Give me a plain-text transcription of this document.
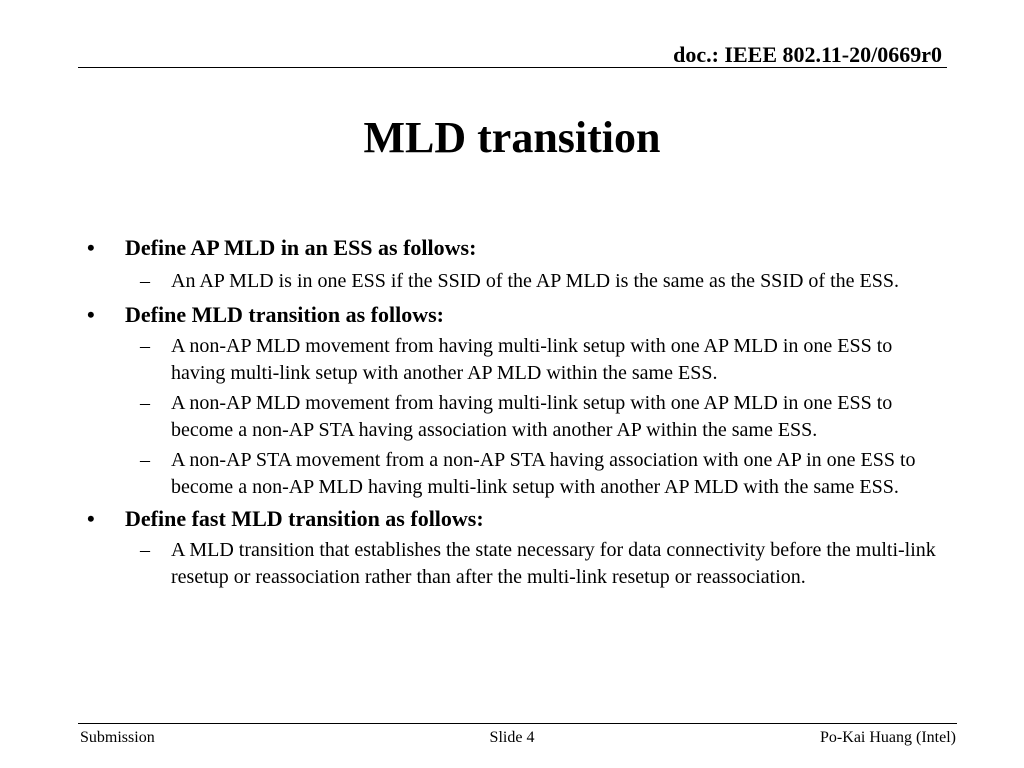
doc.: IEEE 802.11-20/0669r0
MLD transition
• Define AP MLD in an ESS as follows:
– An AP MLD is in one ESS if the SSID of the AP MLD is the same as the SSID of the ESS.
• Define MLD transition as follows:
– A non-AP MLD movement from having multi-link setup with one AP MLD in one ESS to having multi-link setup with another AP MLD within the same ESS.
– A non-AP MLD movement from having multi-link setup with one AP MLD in one ESS to become a non-AP STA having association with another AP within the same ESS.
– A non-AP STA movement from a non-AP STA having association with one AP in one ESS to become a non-AP MLD having multi-link setup with another AP MLD with the same ESS.
• Define fast MLD transition as follows:
– A MLD transition that establishes the state necessary for data connectivity before the multi-link resetup or reassociation rather than after the multi-link resetup or reassociation.
Submission	Slide 4	Po-Kai Huang (Intel)
